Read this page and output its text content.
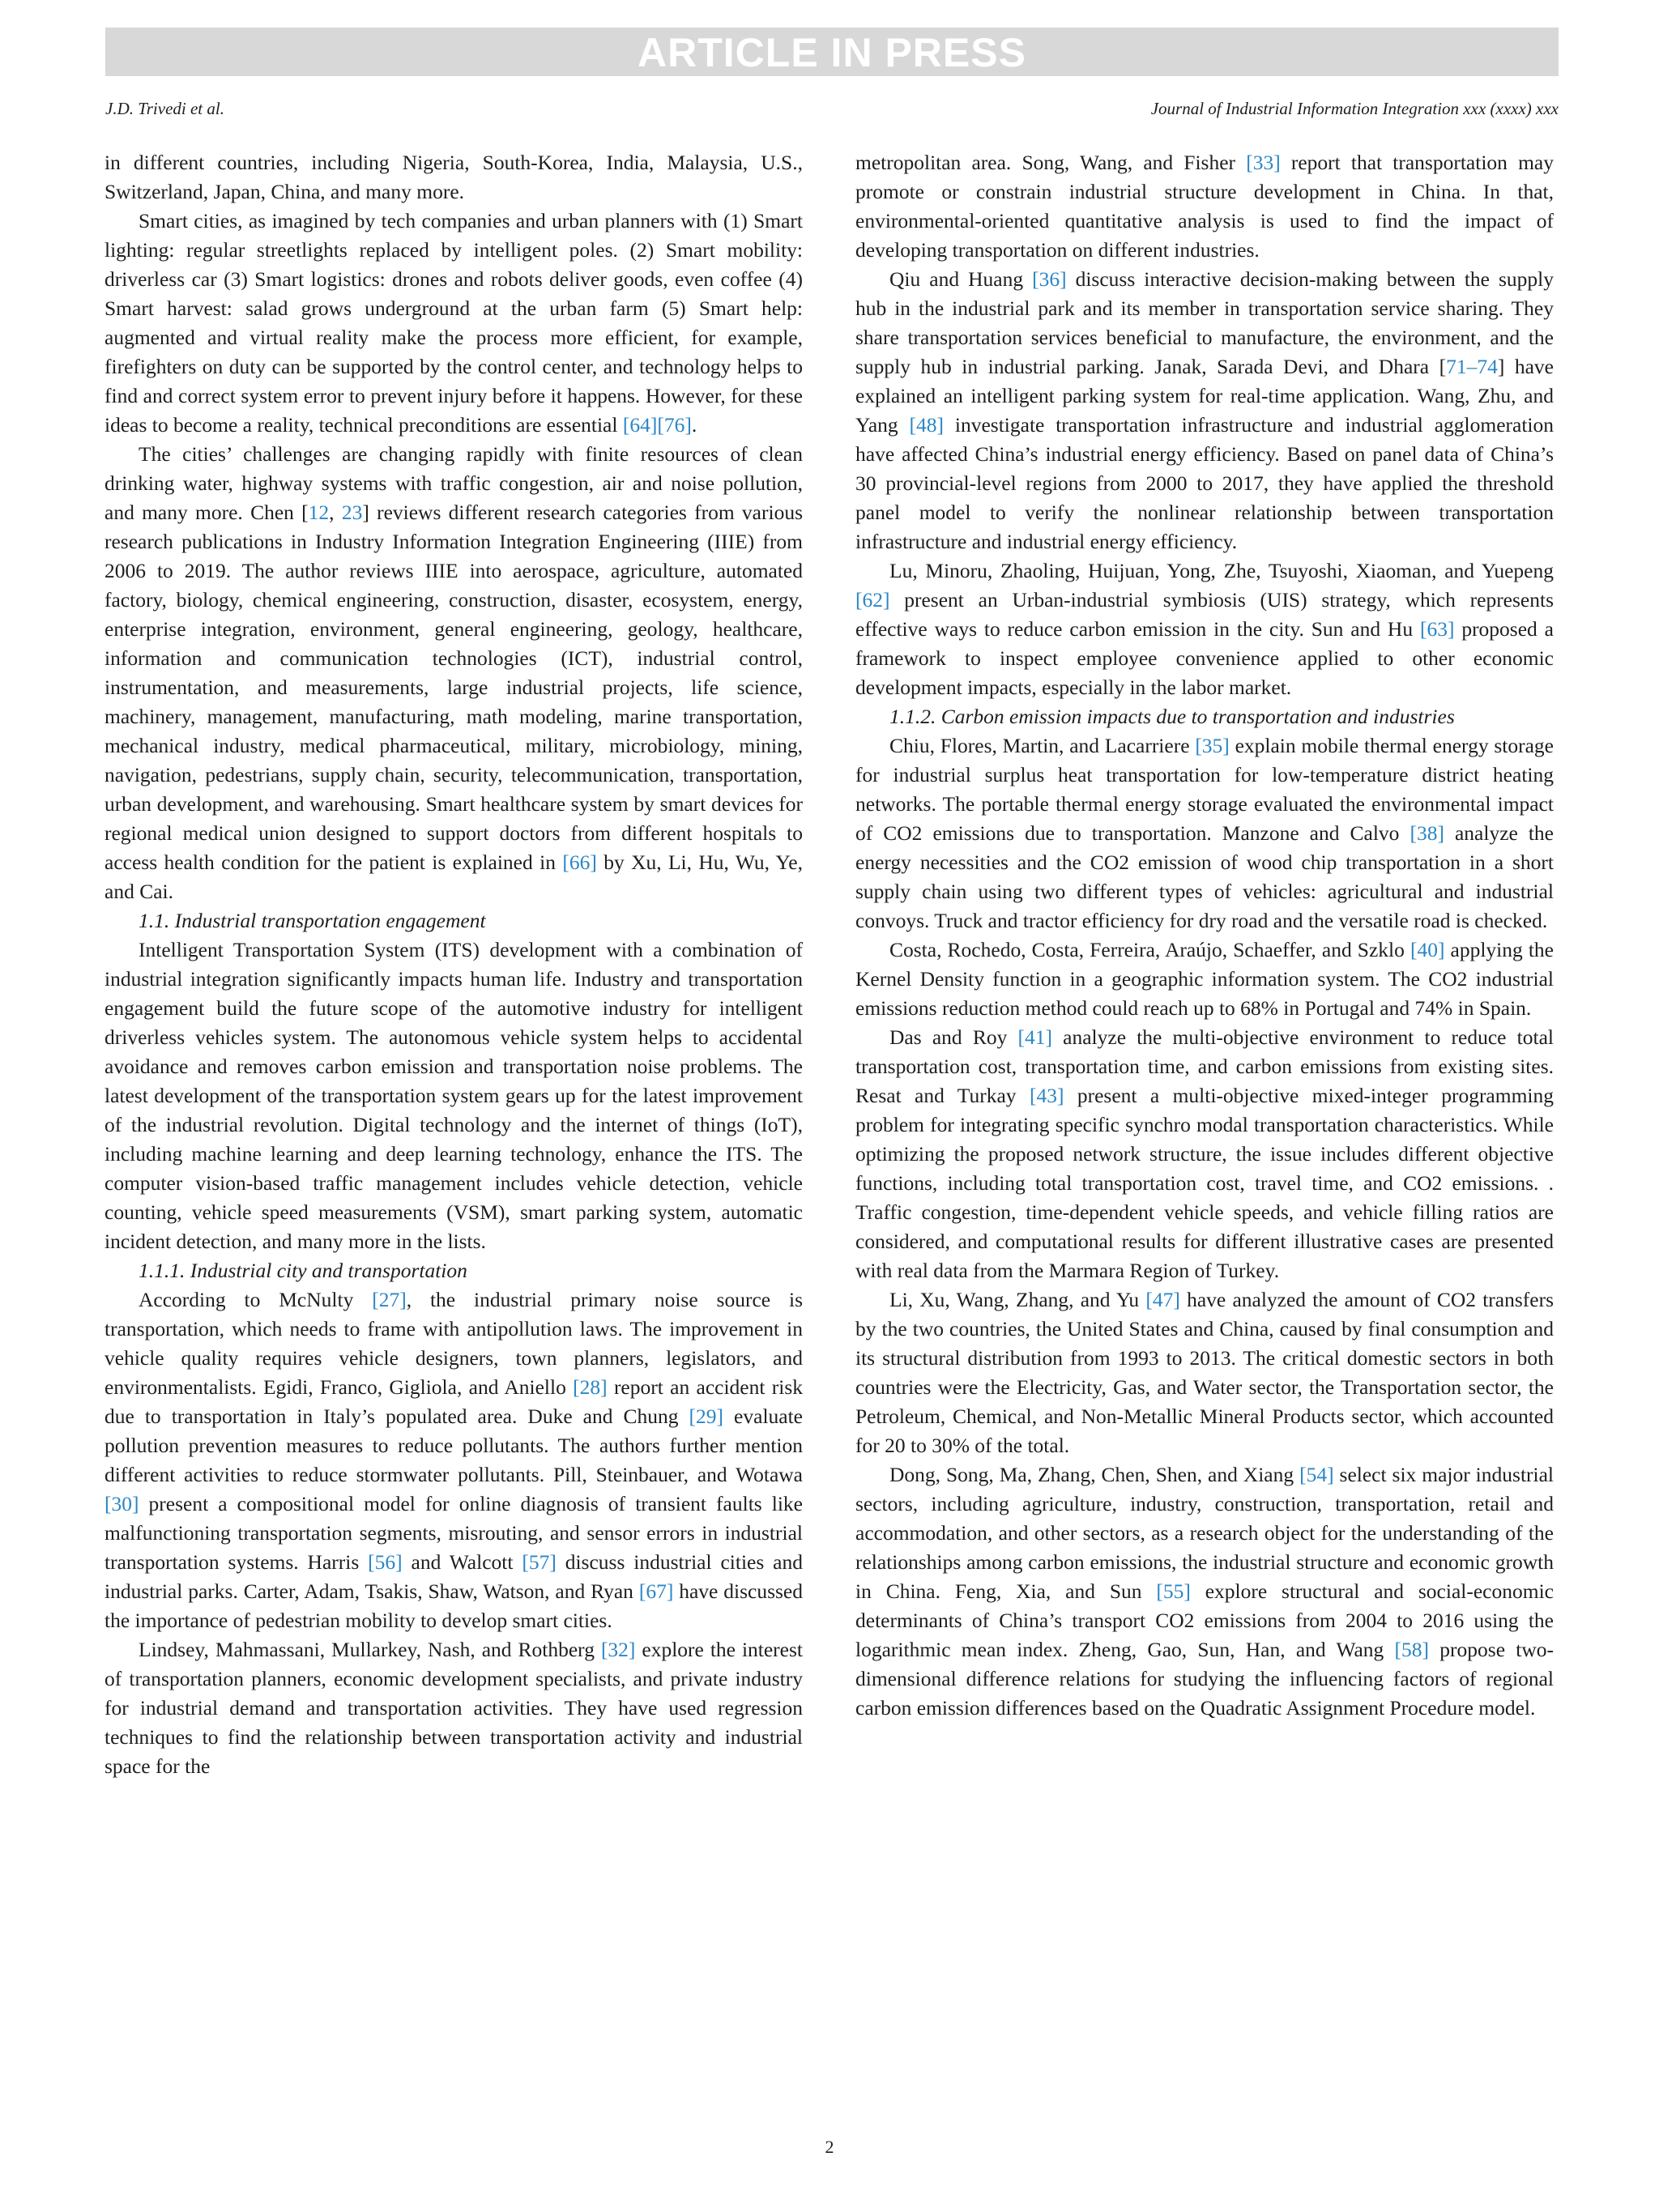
ARTICLE IN PRESS
J.D. Trivedi et al.	Journal of Industrial Information Integration xxx (xxxx) xxx

in different countries, including Nigeria, South-Korea, India, Malaysia, U.S., Switzerland, Japan, China, and many more.

Smart cities, as imagined by tech companies and urban planners with (1) Smart lighting: regular streetlights replaced by intelligent poles. (2) Smart mobility: driverless car (3) Smart logistics: drones and robots deliver goods, even coffee (4) Smart harvest: salad grows underground at the urban farm (5) Smart help: augmented and virtual reality make the process more efficient, for example, firefighters on duty can be supported by the control center, and technology helps to find and correct system error to prevent injury before it happens. However, for these ideas to become a reality, technical preconditions are essential [64][76].

The cities’ challenges are changing rapidly with finite resources of clean drinking water, highway systems with traffic congestion, air and noise pollution, and many more. Chen [12, 23] reviews different research categories from various research publications in Industry Information Integration Engineering (IIIE) from 2006 to 2019. The author reviews IIIE into aerospace, agriculture, automated factory, biology, chemical engineering, construction, disaster, ecosystem, energy, enterprise integration, environment, general engineering, geology, healthcare, information and communication technologies (ICT), industrial control, instrumentation, and measurements, large industrial projects, life science, machinery, management, manufacturing, math modeling, marine transportation, mechanical industry, medical pharmaceutical, military, microbiology, mining, navigation, pedestrians, supply chain, security, telecommunication, transportation, urban development, and warehousing. Smart healthcare system by smart devices for regional medical union designed to support doctors from different hospitals to access health condition for the patient is explained in [66] by Xu, Li, Hu, Wu, Ye, and Cai.

1.1. Industrial transportation engagement

Intelligent Transportation System (ITS) development with a combination of industrial integration significantly impacts human life. Industry and transportation engagement build the future scope of the automotive industry for intelligent driverless vehicles system. The autonomous vehicle system helps to accidental avoidance and removes carbon emission and transportation noise problems. The latest development of the transportation system gears up for the latest improvement of the industrial revolution. Digital technology and the internet of things (IoT), including machine learning and deep learning technology, enhance the ITS. The computer vision-based traffic management includes vehicle detection, vehicle counting, vehicle speed measurements (VSM), smart parking system, automatic incident detection, and many more in the lists.

1.1.1. Industrial city and transportation

According to McNulty [27], the industrial primary noise source is transportation, which needs to frame with antipollution laws. The improvement in vehicle quality requires vehicle designers, town planners, legislators, and environmentalists. Egidi, Franco, Gigliola, and Aniello [28] report an accident risk due to transportation in Italy’s populated area. Duke and Chung [29] evaluate pollution prevention measures to reduce pollutants. The authors further mention different activities to reduce stormwater pollutants. Pill, Steinbauer, and Wotawa [30] present a compositional model for online diagnosis of transient faults like malfunctioning transportation segments, misrouting, and sensor errors in industrial transportation systems. Harris [56] and Walcott [57] discuss industrial cities and industrial parks. Carter, Adam, Tsakis, Shaw, Watson, and Ryan [67] have discussed the importance of pedestrian mobility to develop smart cities.

Lindsey, Mahmassani, Mullarkey, Nash, and Rothberg [32] explore the interest of transportation planners, economic development specialists, and private industry for industrial demand and transportation activities. They have used regression techniques to find the relationship between transportation activity and industrial space for the

metropolitan area. Song, Wang, and Fisher [33] report that transportation may promote or constrain industrial structure development in China. In that, environmental-oriented quantitative analysis is used to find the impact of developing transportation on different industries.

Qiu and Huang [36] discuss interactive decision-making between the supply hub in the industrial park and its member in transportation service sharing. They share transportation services beneficial to manufacture, the environment, and the supply hub in industrial parking. Janak, Sarada Devi, and Dhara [71–74] have explained an intelligent parking system for real-time application. Wang, Zhu, and Yang [48] investigate transportation infrastructure and industrial agglomeration have affected China’s industrial energy efficiency. Based on panel data of China’s 30 provincial-level regions from 2000 to 2017, they have applied the threshold panel model to verify the nonlinear relationship between transportation infrastructure and industrial energy efficiency.

Lu, Minoru, Zhaoling, Huijuan, Yong, Zhe, Tsuyoshi, Xiaoman, and Yuepeng [62] present an Urban-industrial symbiosis (UIS) strategy, which represents effective ways to reduce carbon emission in the city. Sun and Hu [63] proposed a framework to inspect employee convenience applied to other economic development impacts, especially in the labor market.

1.1.2. Carbon emission impacts due to transportation and industries

Chiu, Flores, Martin, and Lacarriere [35] explain mobile thermal energy storage for industrial surplus heat transportation for low-temperature district heating networks. The portable thermal energy storage evaluated the environmental impact of CO2 emissions due to transportation. Manzone and Calvo [38] analyze the energy necessities and the CO2 emission of wood chip transportation in a short supply chain using two different types of vehicles: agricultural and industrial convoys. Truck and tractor efficiency for dry road and the versatile road is checked.

Costa, Rochedo, Costa, Ferreira, Araújo, Schaeffer, and Szklo [40] applying the Kernel Density function in a geographic information system. The CO2 industrial emissions reduction method could reach up to 68% in Portugal and 74% in Spain.

Das and Roy [41] analyze the multi-objective environment to reduce total transportation cost, transportation time, and carbon emissions from existing sites. Resat and Turkay [43] present a multi-objective mixed-integer programming problem for integrating specific synchro modal transportation characteristics. While optimizing the proposed network structure, the issue includes different objective functions, including total transportation cost, travel time, and CO2 emissions. . Traffic congestion, time-dependent vehicle speeds, and vehicle filling ratios are considered, and computational results for different illustrative cases are presented with real data from the Marmara Region of Turkey.

Li, Xu, Wang, Zhang, and Yu [47] have analyzed the amount of CO2 transfers by the two countries, the United States and China, caused by final consumption and its structural distribution from 1993 to 2013. The critical domestic sectors in both countries were the Electricity, Gas, and Water sector, the Transportation sector, the Petroleum, Chemical, and Non-Metallic Mineral Products sector, which accounted for 20 to 30% of the total.

Dong, Song, Ma, Zhang, Chen, Shen, and Xiang [54] select six major industrial sectors, including agriculture, industry, construction, transportation, retail and accommodation, and other sectors, as a research object for the understanding of the relationships among carbon emissions, the industrial structure and economic growth in China. Feng, Xia, and Sun [55] explore structural and social-economic determinants of China’s transport CO2 emissions from 2004 to 2016 using the logarithmic mean index. Zheng, Gao, Sun, Han, and Wang [58] propose two-dimensional difference relations for studying the influencing factors of regional carbon emission differences based on the Quadratic Assignment Procedure model.

2
